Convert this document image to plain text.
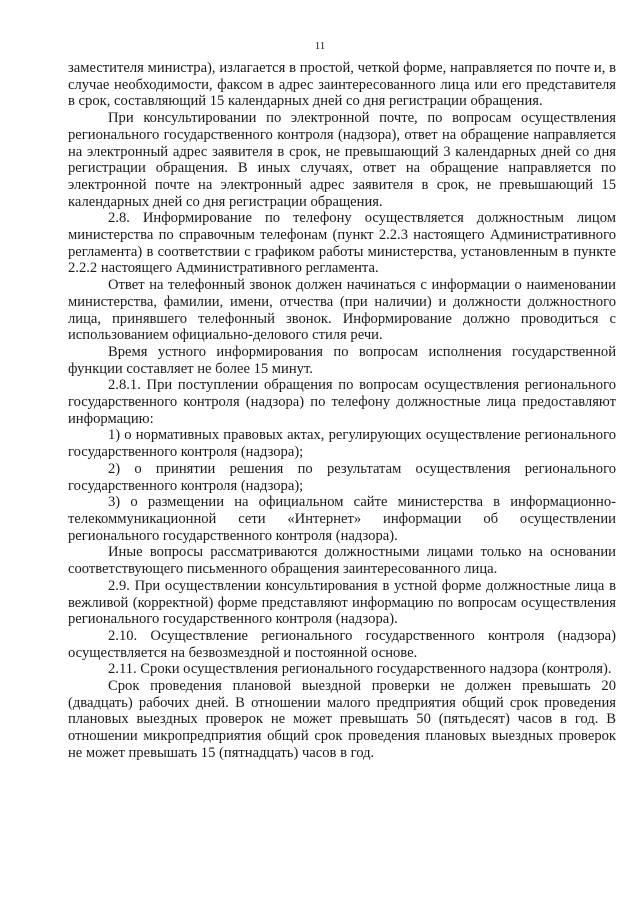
11

заместителя министра), излагается в простой, четкой форме, направляется по почте и, в случае необходимости, факсом в адрес заинтересованного лица или его представителя в срок, составляющий 15 календарных дней со дня регистрации обращения.

При консультировании по электронной почте, по вопросам осуществления регионального государственного контроля (надзора), ответ на обращение направляется на электронный адрес заявителя в срок, не превышающий 3 календарных дней со дня регистрации обращения. В иных случаях, ответ на обращение направляется по электронной почте на электронный адрес заявителя в срок, не превышающий 15 календарных дней со дня регистрации обращения.

2.8. Информирование по телефону осуществляется должностным лицом министерства по справочным телефонам (пункт 2.2.3 настоящего Административного регламента) в соответствии с графиком работы министерства, установленным в пункте 2.2.2 настоящего Административного регламента.

Ответ на телефонный звонок должен начинаться с информации о наименовании министерства, фамилии, имени, отчества (при наличии) и должности должностного лица, принявшего телефонный звонок. Информирование должно проводиться с использованием официально-делового стиля речи.

Время устного информирования по вопросам исполнения государственной функции составляет не более 15 минут.

2.8.1. При поступлении обращения по вопросам осуществления регионального государственного контроля (надзора) по телефону должностные лица предоставляют информацию:

1) о нормативных правовых актах, регулирующих осуществление регионального государственного контроля (надзора);

2) о принятии решения по результатам осуществления регионального государственного контроля (надзора);

3) о размещении на официальном сайте министерства в информационно-телекоммуникационной сети «Интернет» информации об осуществлении регионального государственного контроля (надзора).

Иные вопросы рассматриваются должностными лицами только на основании соответствующего письменного обращения заинтересованного лица.

2.9. При осуществлении консультирования в устной форме должностные лица в вежливой (корректной) форме представляют информацию по вопросам осуществления регионального государственного контроля (надзора).

2.10. Осуществление регионального государственного контроля (надзора) осуществляется на безвозмездной и постоянной основе.

2.11. Сроки осуществления регионального государственного надзора (контроля).

Срок проведения плановой выездной проверки не должен превышать 20 (двадцать) рабочих дней. В отношении малого предприятия общий срок проведения плановых выездных проверок не может превышать 50 (пятьдесят) часов в год. В отношении микропредприятия общий срок проведения плановых выездных проверок не может превышать 15 (пятнадцать) часов в год.
